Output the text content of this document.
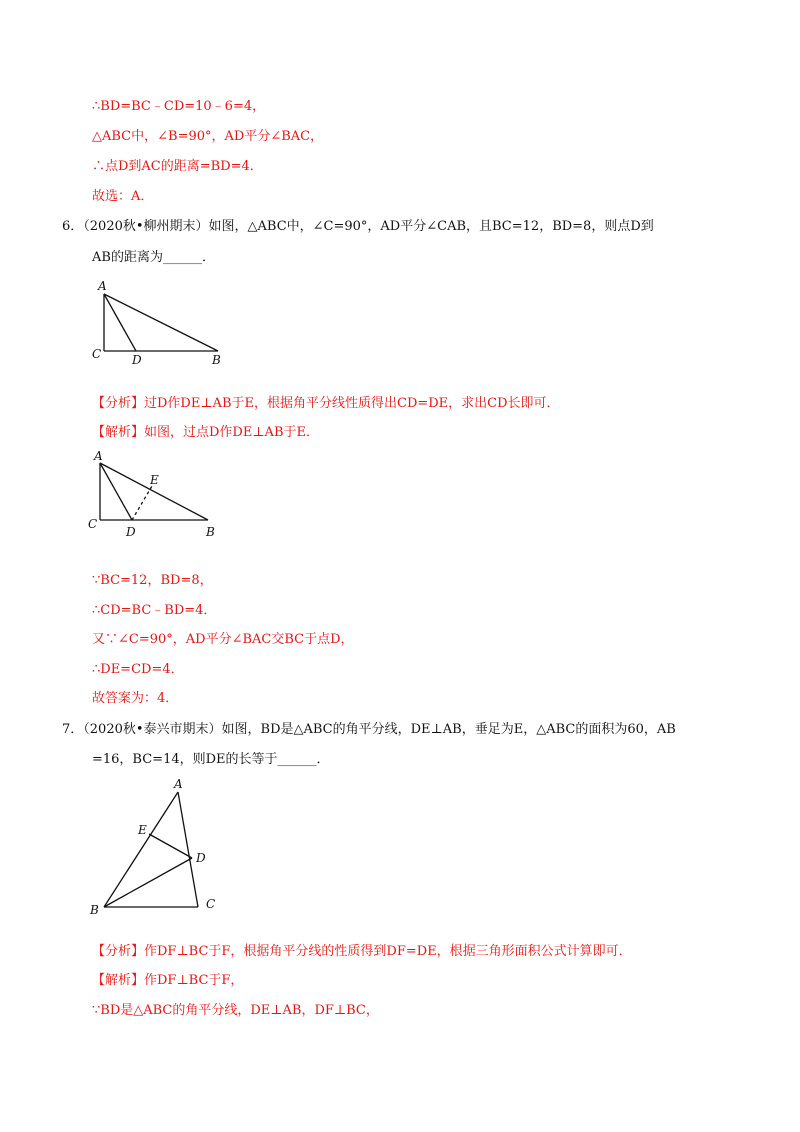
∴BD=BC﹣CD=10﹣6=4，
△ABC中，∠B=90°，AD平分∠BAC，
∴点D到AC的距离=BD=4．
故选：A．
6．（2020秋•柳州期末）如图，△ABC中，∠C=90°，AD平分∠CAB，且BC=12，BD=8，则点D到
AB的距离为______．
A
C	D	B
【分析】过D作DE⊥AB于E，根据角平分线性质得出CD=DE，求出CD长即可．
【解析】如图，过点D作DE⊥AB于E．
A
E
C
D	B
∵BC=12，BD=8，
∴CD=BC﹣BD=4．
又∵∠C=90°，AD平分∠BAC交BC于点D，
∴DE=CD=4．
故答案为：4．
7．（2020秋•泰兴市期末）如图，BD是△ABC的角平分线，DE⊥AB，垂足为E，△ABC的面积为60，AB
=16，BC=14，则DE的长等于______．
A
E
D
B	C
【分析】作DF⊥BC于F，根据角平分线的性质得到DF=DE，根据三角形面积公式计算即可．
【解析】作DF⊥BC于F，
∵BD是△ABC的角平分线，DE⊥AB，DF⊥BC，
